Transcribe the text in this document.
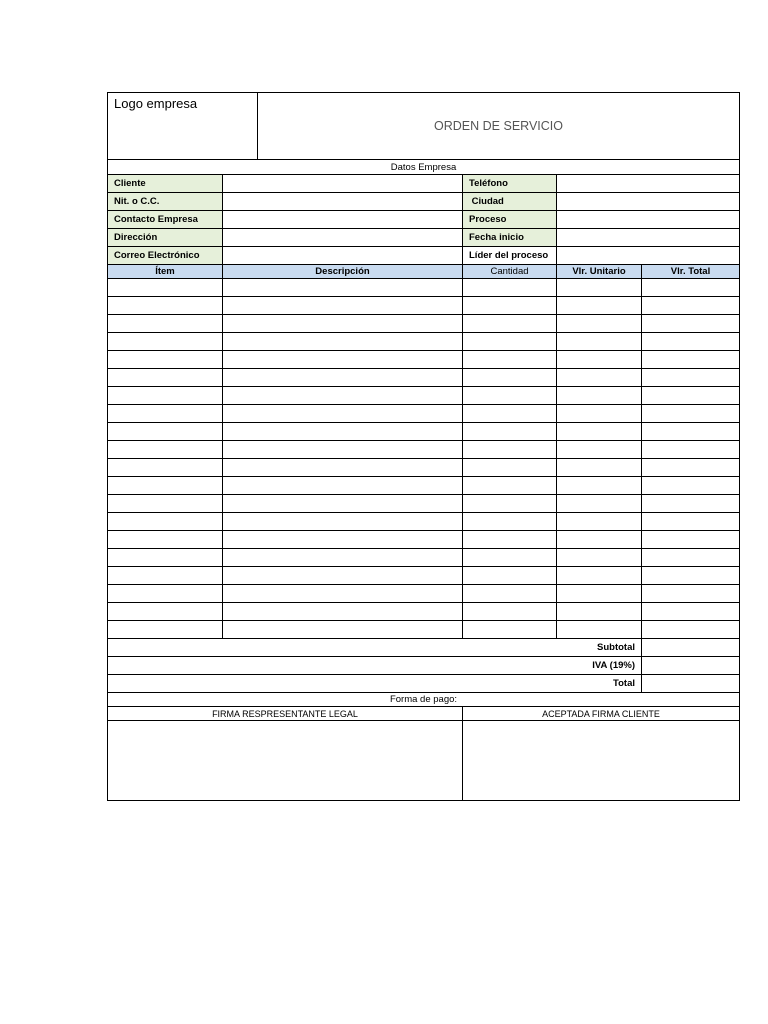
Logo empresa		ORDEN DE SERVICIO			
Datos Empresa					
Cliente			Teléfono		
Nit. o C.C.			Ciudad		
Contacto Empresa			Proceso		
Dirección			Fecha inicio		
Correo Electrónico			Líder del proceso		
Ítem	Descripción		Cantidad	Vlr. Unitario	Vlr. Total

Subtotal					
IVA (19%)					
Total					
Forma de pago:					
FIRMA RESPRESENTANTE LEGAL			ACEPTADA FIRMA CLIENTE		
